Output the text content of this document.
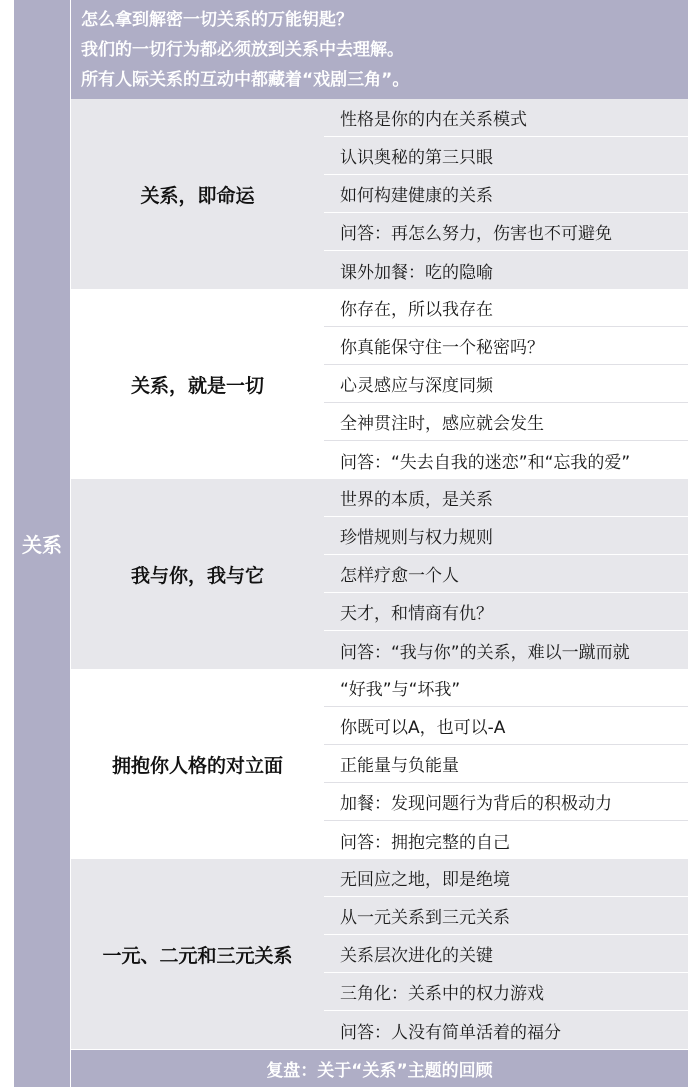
关系
怎么拿到解密一切关系的万能钥匙？
我们的一切行为都必须放到关系中去理解。
所有人际关系的互动中都藏着“戏剧三角”。
关系，即命运
性格是你的内在关系模式
认识奥秘的第三只眼
如何构建健康的关系
问答：再怎么努力，伤害也不可避免
课外加餐：吃的隐喻
关系，就是一切
你存在，所以我存在
你真能保守住一个秘密吗？
心灵感应与深度同频
全神贯注时，感应就会发生
问答：“失去自我的迷恋”和“忘我的爱”
我与你，我与它
世界的本质，是关系
珍惜规则与权力规则
怎样疗愈一个人
天才，和情商有仇？
问答：“我与你”的关系，难以一蹴而就
拥抱你人格的对立面
“好我”与“坏我”
你既可以A，也可以-A
正能量与负能量
加餐：发现问题行为背后的积极动力
问答：拥抱完整的自己
一元、二元和三元关系
无回应之地，即是绝境
从一元关系到三元关系
关系层次进化的关键
三角化：关系中的权力游戏
问答：人没有简单活着的福分
复盘：关于“关系”主题的回顾
